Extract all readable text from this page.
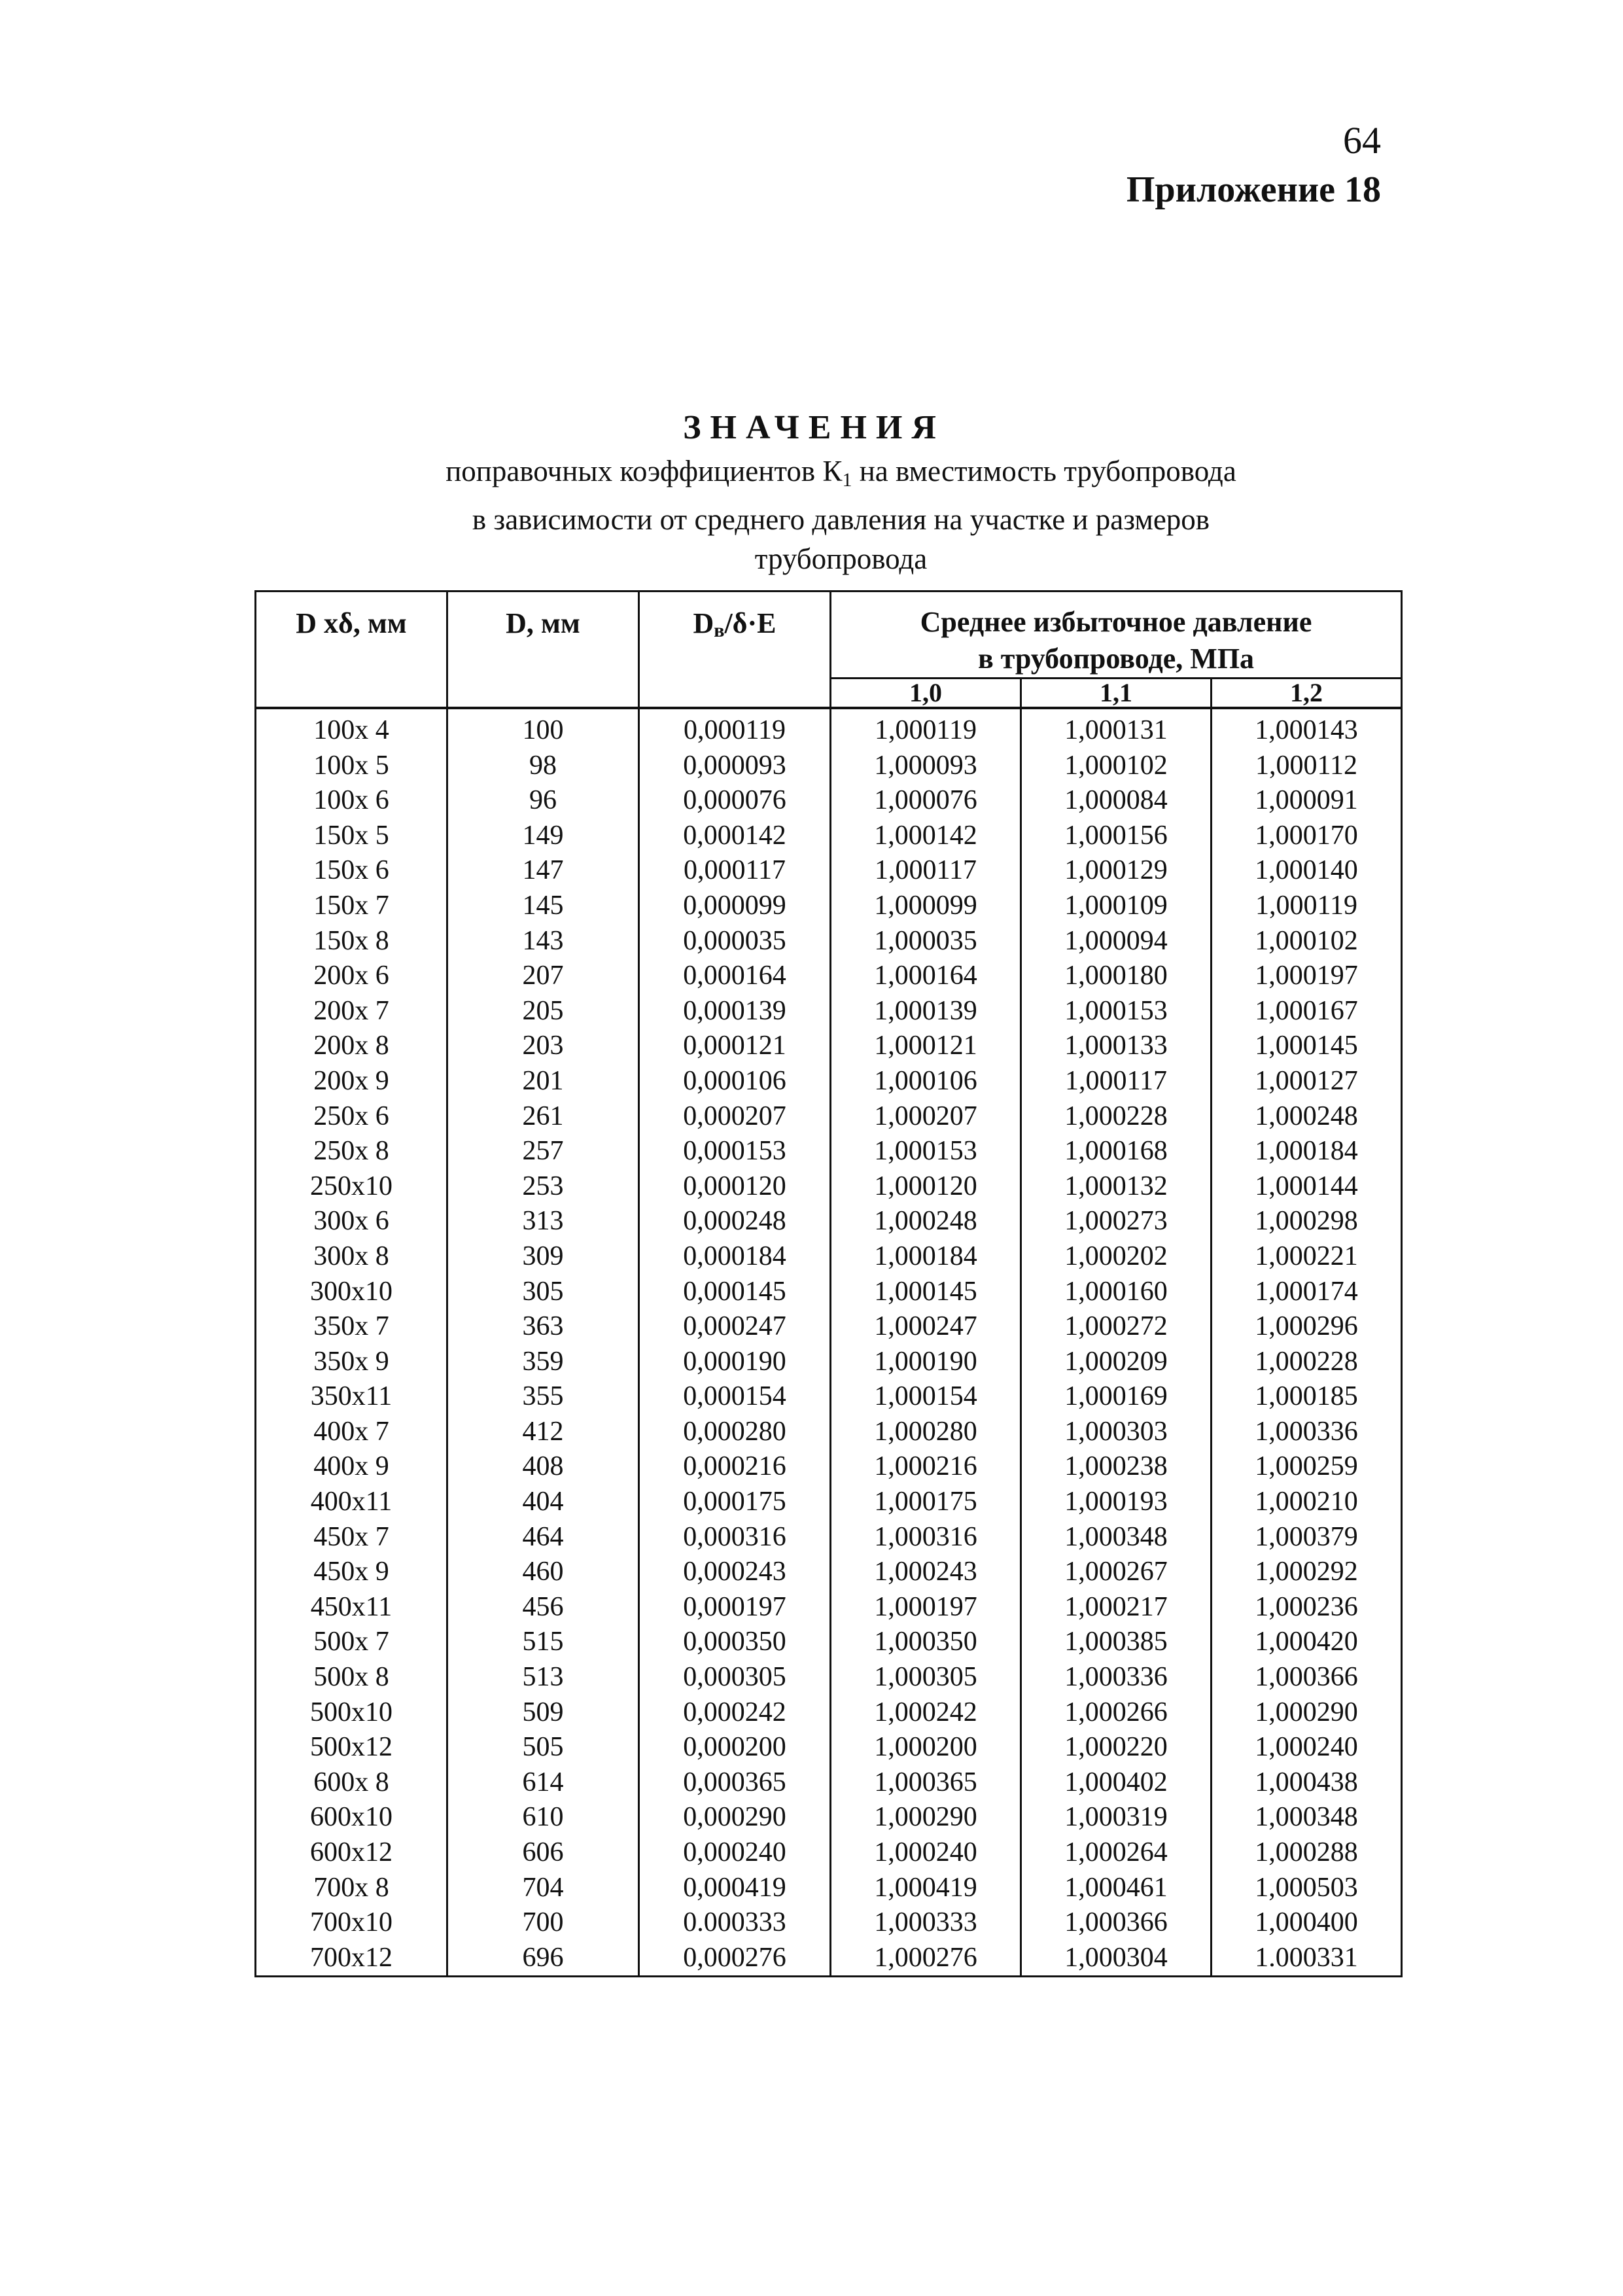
64
Приложение 18
ЗНАЧЕНИЯ
поправочных коэффициентов $К_1$ на вместимость трубопровода
в зависимости от среднего давления на участке и размеров
трубопровода
D xδ, мм	D, мм	Dв/δ·E	Среднее избыточное давление
в трубопроводе, МПа		
			1,0	1,1	1,2
100x 4	100	0,000119	1,000119	1,000131	1,000143
100x 5	98	0,000093	1,000093	1,000102	1,000112
100x 6	96	0,000076	1,000076	1,000084	1,000091
150x 5	149	0,000142	1,000142	1,000156	1,000170
150x 6	147	0,000117	1,000117	1,000129	1,000140
150x 7	145	0,000099	1,000099	1,000109	1,000119
150x 8	143	0,000035	1,000035	1,000094	1,000102
200x 6	207	0,000164	1,000164	1,000180	1,000197
200x 7	205	0,000139	1,000139	1,000153	1,000167
200x 8	203	0,000121	1,000121	1,000133	1,000145
200x 9	201	0,000106	1,000106	1,000117	1,000127
250x 6	261	0,000207	1,000207	1,000228	1,000248
250x 8	257	0,000153	1,000153	1,000168	1,000184
250x10	253	0,000120	1,000120	1,000132	1,000144
300x 6	313	0,000248	1,000248	1,000273	1,000298
300x 8	309	0,000184	1,000184	1,000202	1,000221
300x10	305	0,000145	1,000145	1,000160	1,000174
350x 7	363	0,000247	1,000247	1,000272	1,000296
350x 9	359	0,000190	1,000190	1,000209	1,000228
350x11	355	0,000154	1,000154	1,000169	1,000185
400x 7	412	0,000280	1,000280	1,000303	1,000336
400x 9	408	0,000216	1,000216	1,000238	1,000259
400x11	404	0,000175	1,000175	1,000193	1,000210
450x 7	464	0,000316	1,000316	1,000348	1,000379
450x 9	460	0,000243	1,000243	1,000267	1,000292
450x11	456	0,000197	1,000197	1,000217	1,000236
500x 7	515	0,000350	1,000350	1,000385	1,000420
500x 8	513	0,000305	1,000305	1,000336	1,000366
500x10	509	0,000242	1,000242	1,000266	1,000290
500x12	505	0,000200	1,000200	1,000220	1,000240
600x 8	614	0,000365	1,000365	1,000402	1,000438
600x10	610	0,000290	1,000290	1,000319	1,000348
600x12	606	0,000240	1,000240	1,000264	1,000288
700x 8	704	0,000419	1,000419	1,000461	1,000503
700x10	700	0.000333	1,000333	1,000366	1,000400
700x12	696	0,000276	1,000276	1,000304	1.000331
